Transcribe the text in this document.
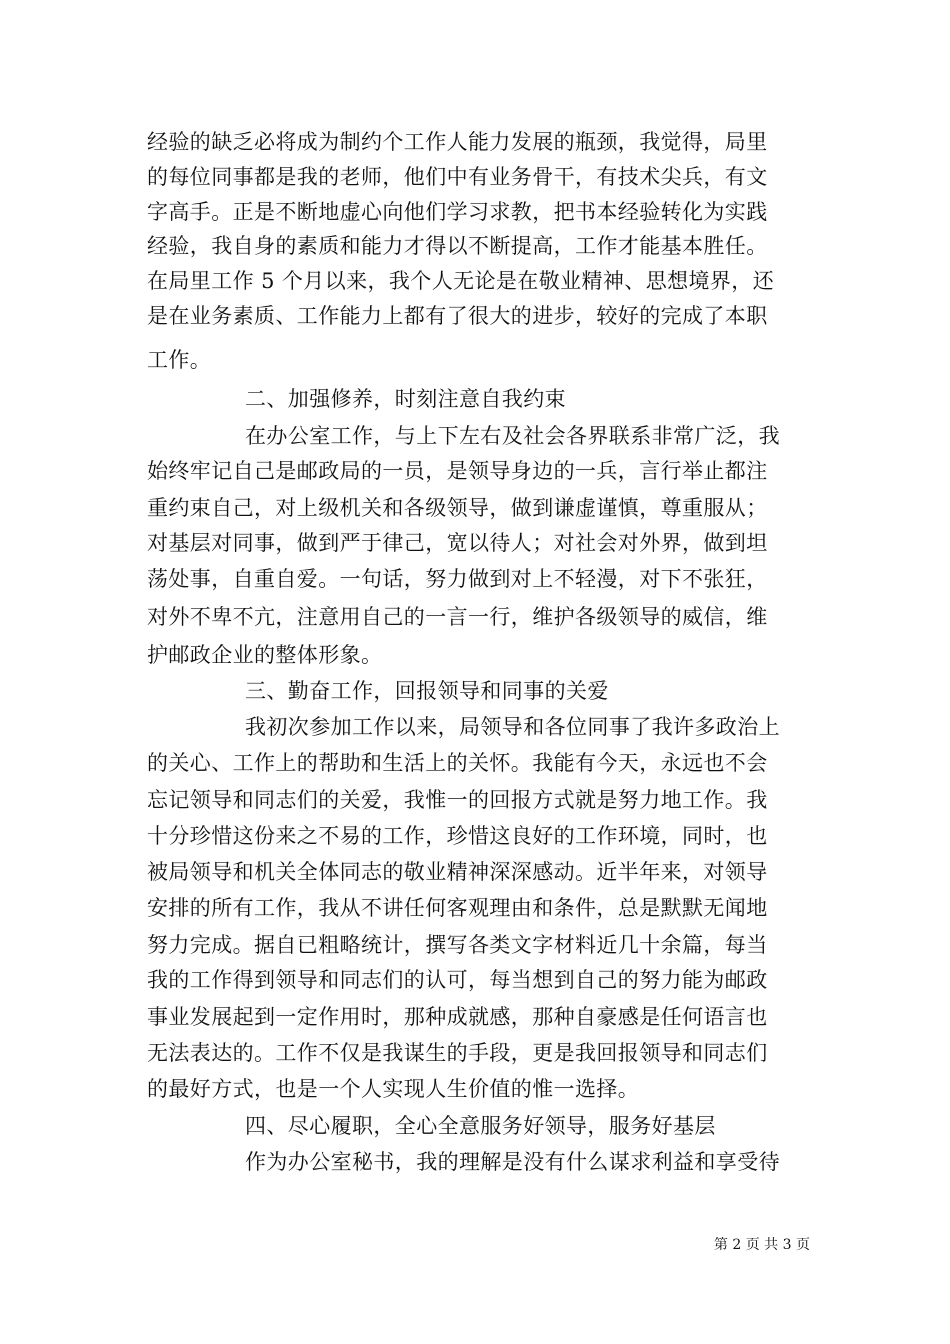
经验的缺乏必将成为制约个工作人能力发展的瓶颈，我觉得，局里
的每位同事都是我的老师，他们中有业务骨干，有技术尖兵，有文
字高手。正是不断地虚心向他们学习求教，把书本经验转化为实践
经验，我自身的素质和能力才得以不断提高，工作才能基本胜任。
在局里工作 5 个月以来，我个人无论是在敬业精神、思想境界，还
是在业务素质、工作能力上都有了很大的进步，较好的完成了本职
工作。
二、加强修养，时刻注意自我约束
在办公室工作，与上下左右及社会各界联系非常广泛，我
始终牢记自己是邮政局的一员，是领导身边的一兵，言行举止都注
重约束自己，对上级机关和各级领导，做到谦虚谨慎，尊重服从；
对基层对同事，做到严于律己，宽以待人；对社会对外界，做到坦
荡处事，自重自爱。一句话，努力做到对上不轻漫，对下不张狂，
对外不卑不亢，注意用自己的一言一行，维护各级领导的威信，维
护邮政企业的整体形象。
三、勤奋工作，回报领导和同事的关爱
我初次参加工作以来，局领导和各位同事了我许多政治上
的关心、工作上的帮助和生活上的关怀。我能有今天，永远也不会
忘记领导和同志们的关爱，我惟一的回报方式就是努力地工作。我
十分珍惜这份来之不易的工作，珍惜这良好的工作环境，同时，也
被局领导和机关全体同志的敬业精神深深感动。近半年来，对领导
安排的所有工作，我从不讲任何客观理由和条件，总是默默无闻地
努力完成。据自已粗略统计，撰写各类文字材料近几十余篇，每当
我的工作得到领导和同志们的认可，每当想到自己的努力能为邮政
事业发展起到一定作用时，那种成就感，那种自豪感是任何语言也
无法表达的。工作不仅是我谋生的手段，更是我回报领导和同志们
的最好方式，也是一个人实现人生价值的惟一选择。
四、尽心履职，全心全意服务好领导，服务好基层
作为办公室秘书，我的理解是没有什么谋求利益和享受待
第 2 页 共 3 页
